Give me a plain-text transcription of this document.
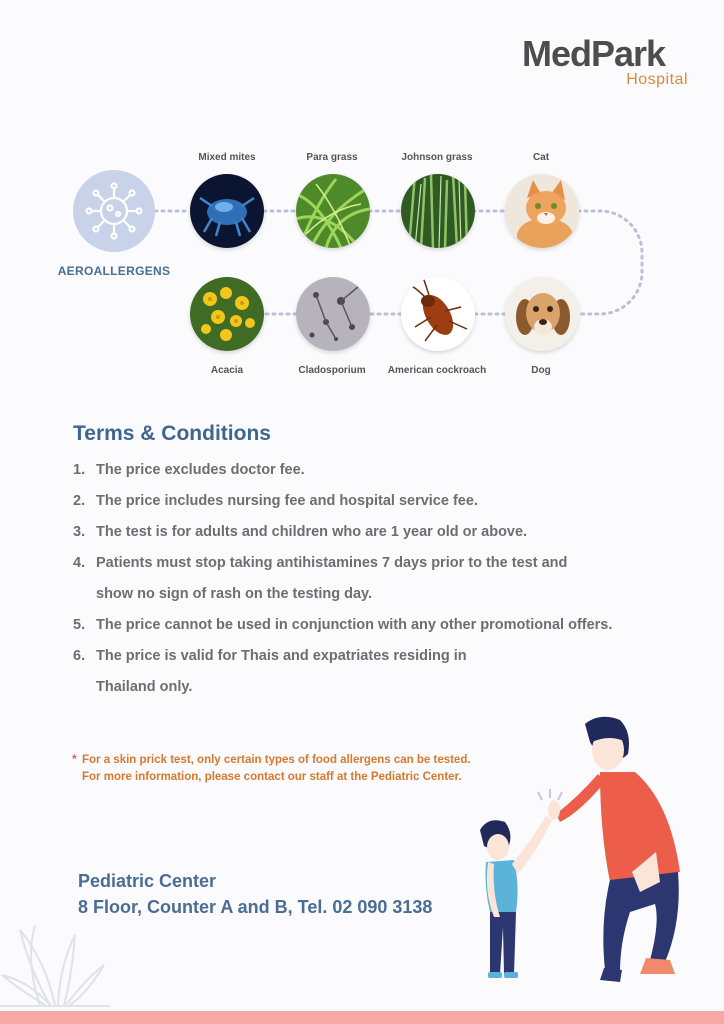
MedPark
Hospital
AEROALLERGENS
Mixed mites	Para grass	Johnson grass	Cat
Acacia	Cladosporium	American cockroach	Dog
Terms & Conditions
1. The price excludes doctor fee.
2. The price includes nursing fee and hospital service fee.
3. The test is for adults and children who are 1 year old or above.
4. Patients must stop taking antihistamines 7 days prior to the test and show no sign of rash on the testing day.
5. The price cannot be used in conjunction with any other promotional offers.
6. The price is valid for Thais and expatriates residing in Thailand only.
* For a skin prick test, only certain types of food allergens can be tested.
For more information, please contact our staff at the Pediatric Center.
Pediatric Center
8 Floor, Counter A and B, Tel. 02 090 3138
